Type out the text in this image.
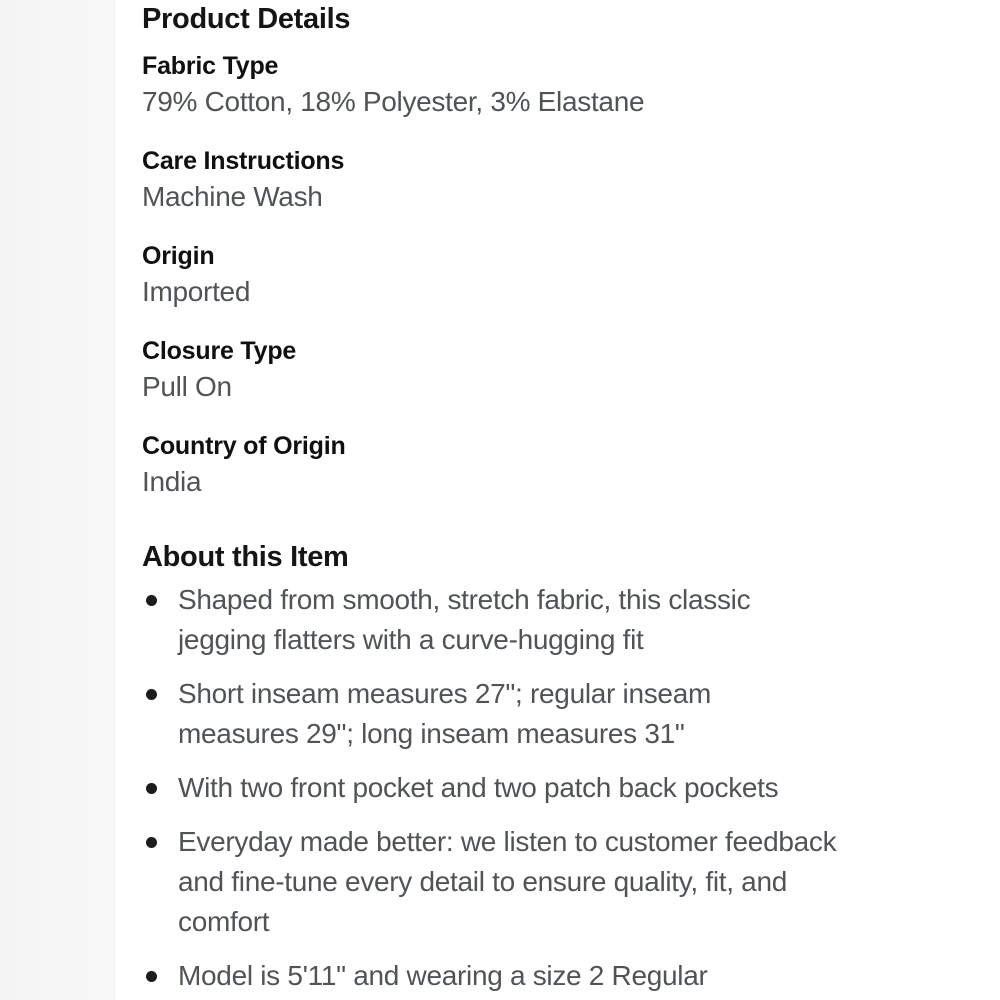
Product Details
Fabric Type
79% Cotton, 18% Polyester, 3% Elastane
Care Instructions
Machine Wash
Origin
Imported
Closure Type
Pull On
Country of Origin
India
About this Item
Shaped from smooth, stretch fabric, this classic jegging flatters with a curve-hugging fit
Short inseam measures 27"; regular inseam measures 29"; long inseam measures 31"
With two front pocket and two patch back pockets
Everyday made better: we listen to customer feedback and fine-tune every detail to ensure quality, fit, and comfort
Model is 5'11" and wearing a size 2 Regular
